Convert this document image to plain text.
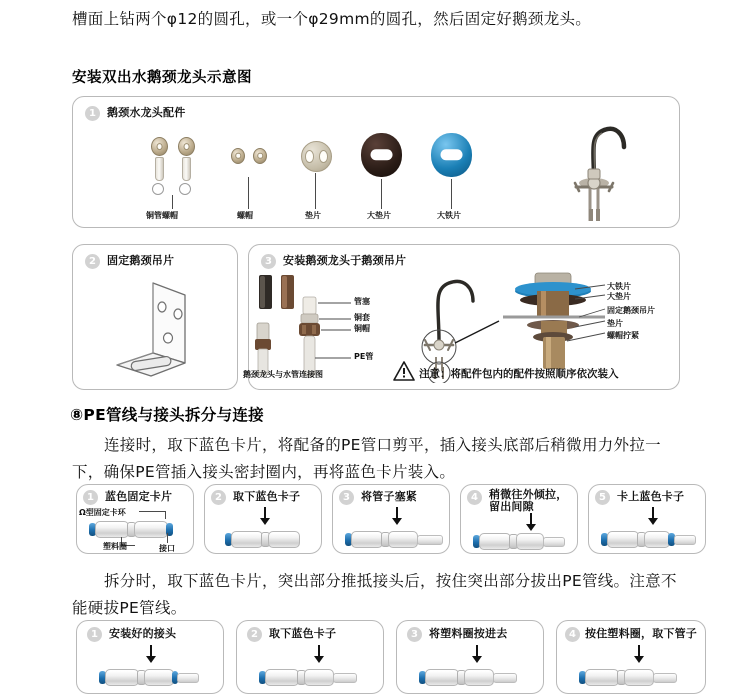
槽面上钻两个φ12的圆孔，或一个φ29mm的圆孔，然后固定好鹅颈龙头。
安装双出水鹅颈龙头示意图
1	鹅颈水龙头配件
铜管螺帽	螺帽	垫片	大垫片	大铁片
2	固定鹅颈吊片	3	安装鹅颈龙头于鹅颈吊片
管塞
铜套
铜帽
PE管
鹅颈龙头与水管连接图
大铁片
大垫片
固定鹅颈吊片
垫片
螺帽拧紧
注意：将配件包内的配件按照顺序依次装入
⑧PE管线与接头拆分与连接
连接时，取下蓝色卡片，将配备的PE管口剪平，插入接头底部后稍微用力外拉一下，确保PE管插入接头密封圈内，再将蓝色卡片装入。
1	蓝色固定卡片
Ω型固定卡环
塑料圈	接口
2	取下蓝色卡子	3	将管子塞紧	4	稍微往外倾拉，
留出间隙
5	卡上蓝色卡子
拆分时，取下蓝色卡片，突出部分推抵接头后，按住突出部分拔出PE管线。注意不能硬拔PE管线。
1	安装好的接头	2	取下蓝色卡子	3	将塑料圈按进去	4 按住塑料圈，取下管子
